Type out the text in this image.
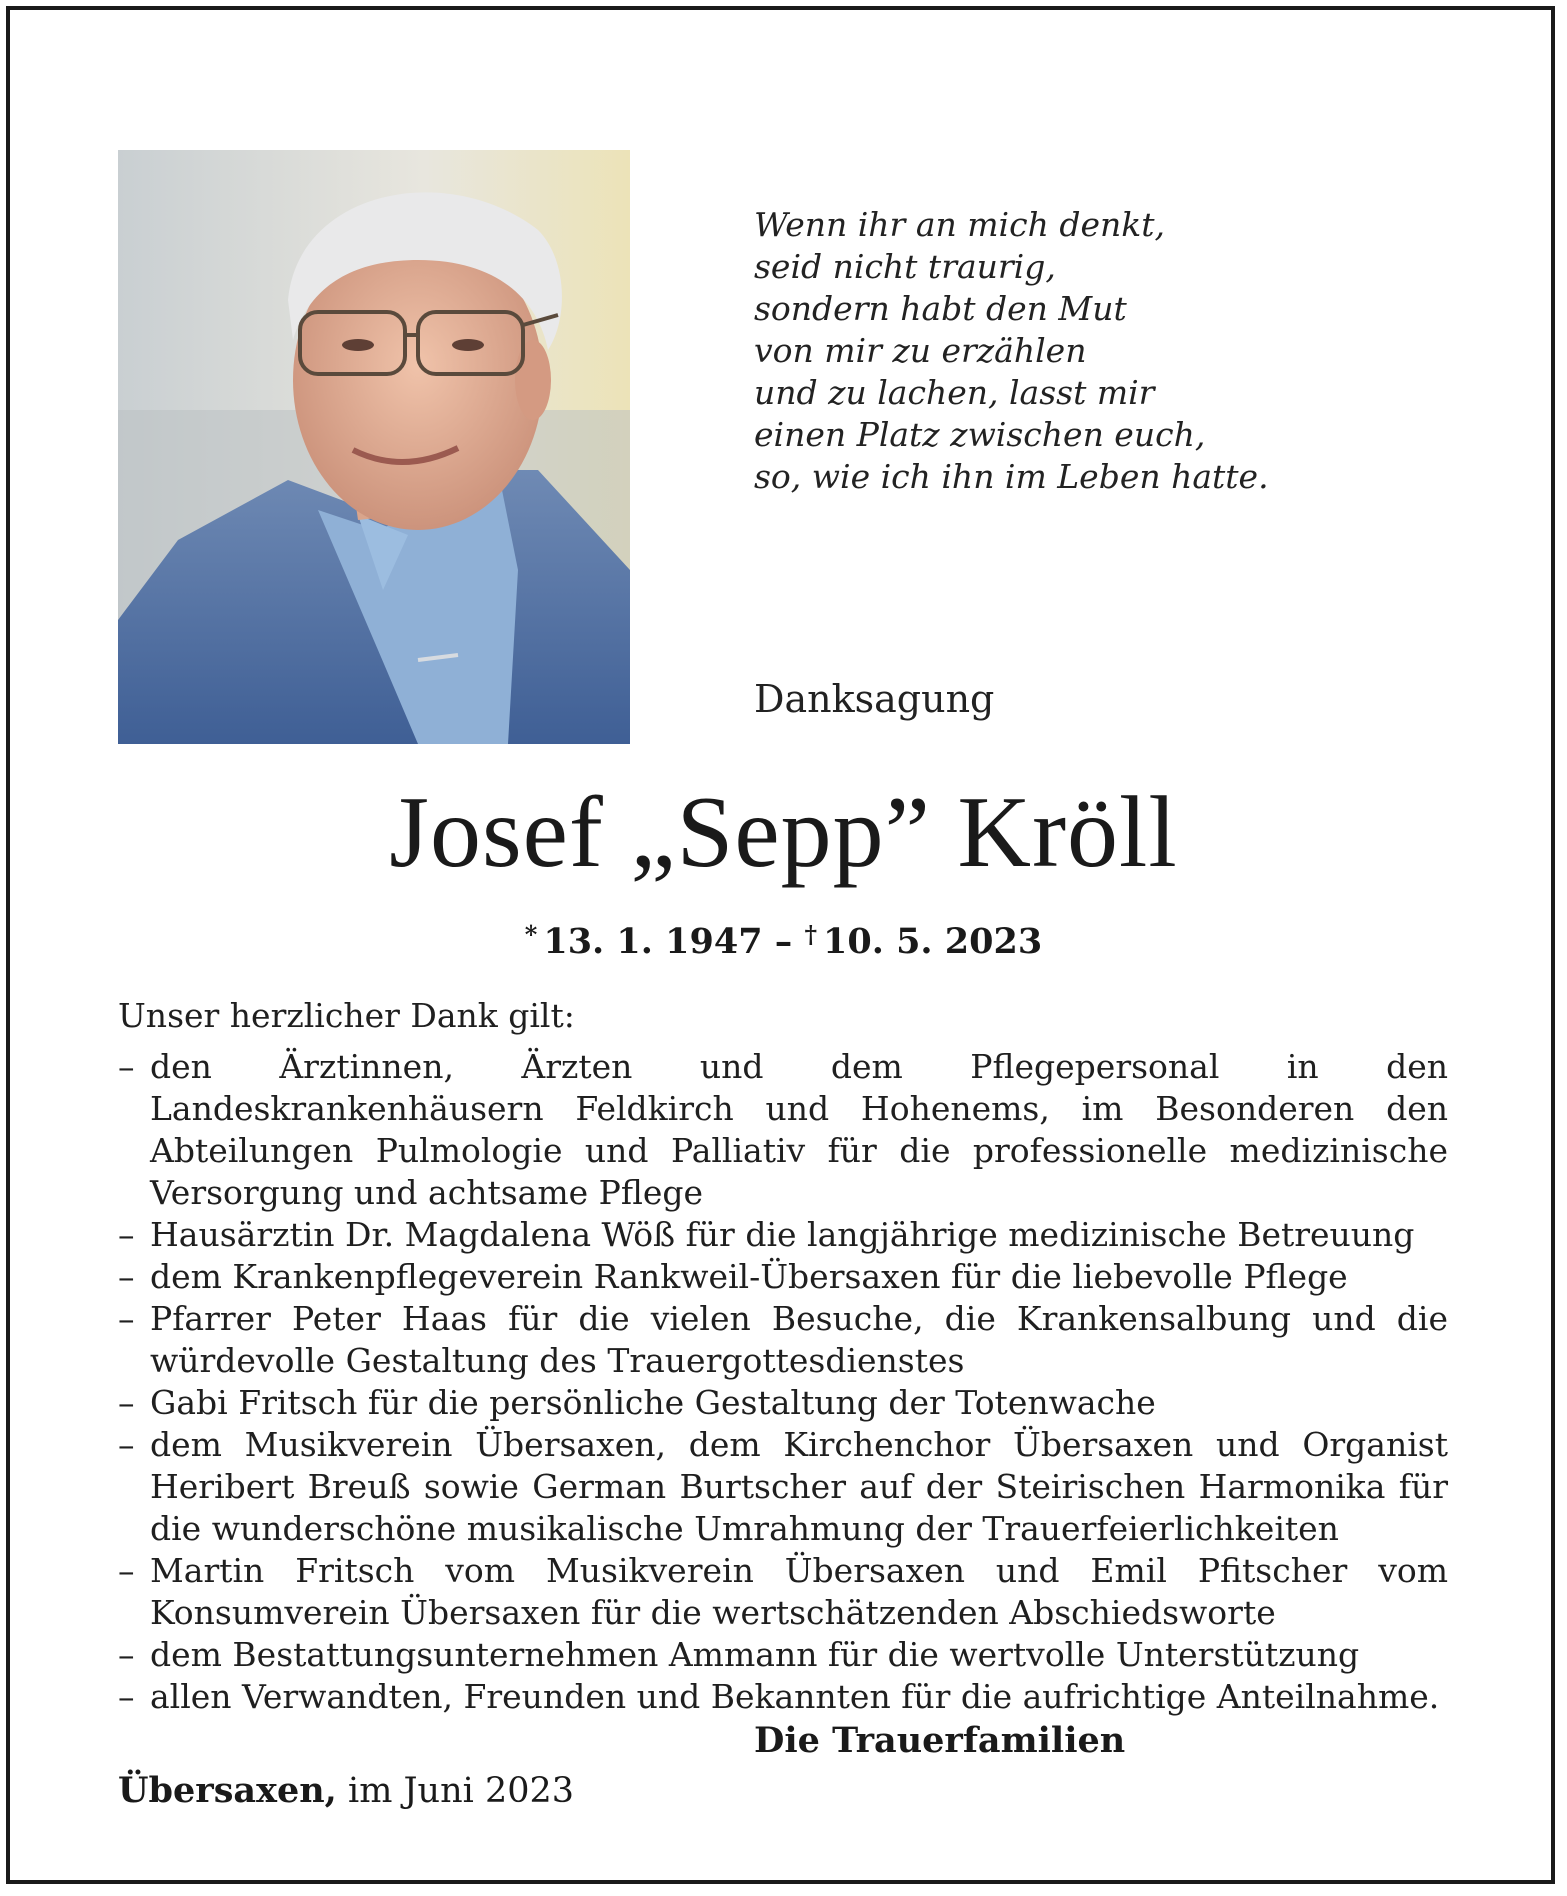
Wenn ihr an mich denkt,
seid nicht traurig,
sondern habt den Mut
von mir zu erzählen
und zu lachen, lasst mir
einen Platz zwischen euch,
so, wie ich ihn im Leben hatte.
Danksagung
Josef „Sepp” Kröll

* 13. 1. 1947 – † 10. 5. 2023

Unser herzlicher Dank gilt:

– den Ärztinnen, Ärzten und dem Pflegepersonal in den Landeskrankenhäusern Feldkirch und Hohenems, im Besonderen den Abteilungen Pulmologie und Palliativ für die professionelle medizinische Versorgung und achtsame Pflege
– Hausärztin Dr. Magdalena Wöß für die langjährige medizinische Betreuung
– dem Krankenpflegeverein Rankweil-Übersaxen für die liebevolle Pflege
– Pfarrer Peter Haas für die vielen Besuche, die Krankensalbung und die würdevolle Gestaltung des Trauergottesdienstes
– Gabi Fritsch für die persönliche Gestaltung der Totenwache
– dem Musikverein Übersaxen, dem Kirchenchor Übersaxen und Organist Heribert Breuß sowie German Burtscher auf der Steirischen Harmonika für die wunderschöne musikalische Umrahmung der Trauerfeierlichkeiten
– Martin Fritsch vom Musikverein Übersaxen und Emil Pfitscher vom Konsumverein Übersaxen für die wertschätzenden Abschiedsworte
– dem Bestattungsunternehmen Ammann für die wertvolle Unterstützung
– allen Verwandten, Freunden und Bekannten für die aufrichtige Anteilnahme.

Die Trauerfamilien

Übersaxen, im Juni 2023
